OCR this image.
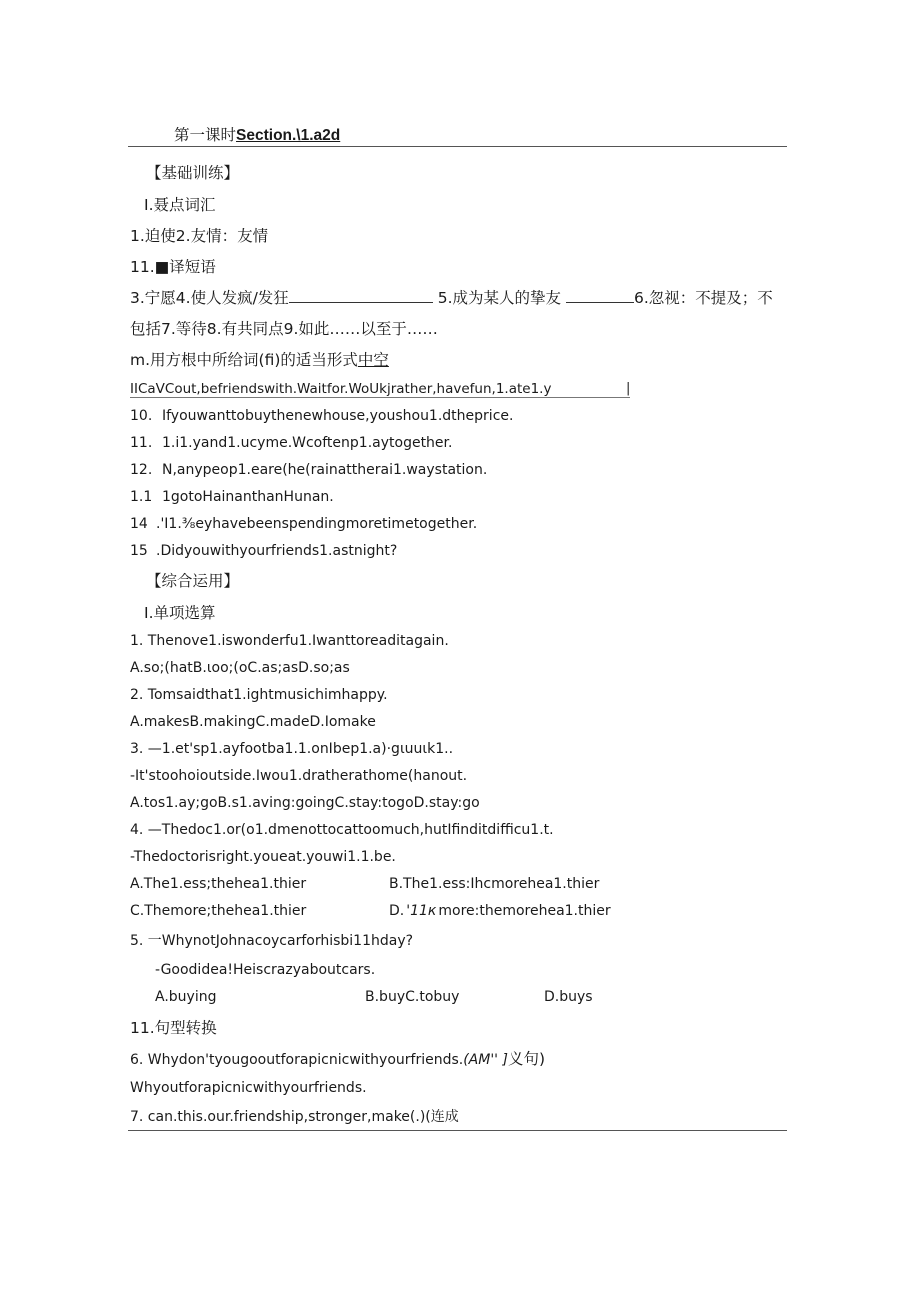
第一课时Section.\1.a2d
【基础训练】
I.聂点词汇
1.迫使2.友情：友情
11.■译短语
3.宁愿4.使人发疯/发狂	5.成为某人的挚友	6.忽视：不提及；不
包括7.等待8.有共同点9.如此……以至于……
m.用方根中所给词(fi)的适当形式中空
IICaVCout,befriendswith.Waitfor.WoUkjrather,havefun,1.ate1.y	|
10. Ifyouwanttobuythenewhouse,youshou1.dtheprice.
11. 1.i1.yand1.ucyme.Wcoftenp1.aytogether.
12. N,anypeop1.eare(he(rainattherai1.waystation.
1.1 1gotoHainanthanHunan.
14 .'I1.⅜eyhavebeenspendingmoretimetogether.
15 .Didyouwithyourfriends1.astnight?
【综合运用】
I.单项选算
1. Thenove1.iswonderfu1.Iwanttoreaditagain.
A.so;(hatB.ιoo;(oC.as;asD.so;as
2. Tomsaidthat1.ightmusichimhappy.
A.makesB.makingC.madeD.Iomake
3. —1.et'sp1.ayfootba1.1.onIbep1.a)·gιuuιk1..
-It'stoohoioutside.Iwou1.dratherathome(hanout.
A.tos1.ay;goB.s1.aving:goingC.stay:togoD.stay:go
4. —Thedoc1.or(o1.dmenottocattoomuch,hutIfinditdifficu1.t.
-Thedoctorisright.youeat.youwi1.1.be.
A.The1.ess;thehea1.thier	B.The1.ess:Ihcmorehea1.thier
C.Themore;thehea1.thier	D. '11к more:themorehea1.thier
5. 一WhynotJohnacoycarforhisbi11hday?
-Goodidea!Heiscrazyaboutcars.
A.buying	B.buyC.tobuy	D.buys
11.句型转换
6. Whydon'tyougooutforapicnicwithyourfriends.(AM'' ]义句)
Whyoutforapicnicwithyourfriends.
7. can.this.our.friendship,stronger,make(.)(连成
